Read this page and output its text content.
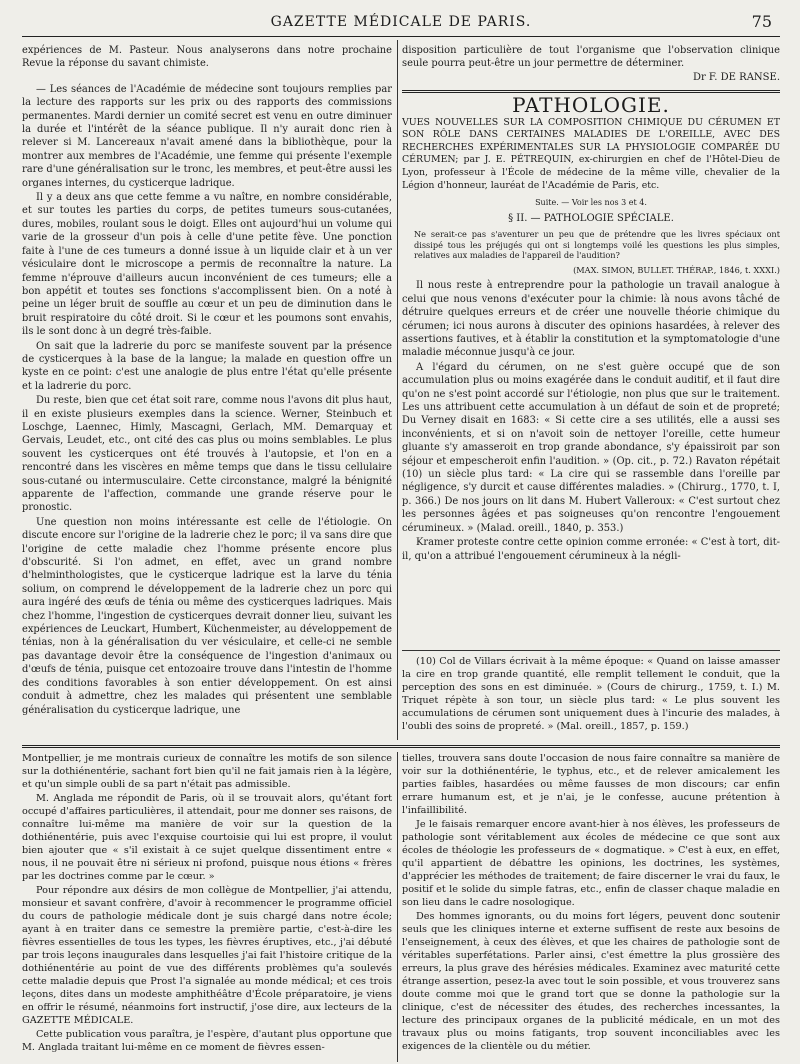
GAZETTE MÉDICALE DE PARIS.	75

expériences de M. Pasteur. Nous analyserons dans notre prochaine Revue la réponse du savant chimiste.

— Les séances de l'Académie de médecine sont toujours remplies par la lecture des rapports sur les prix ou des rapports des commissions permanentes. Mardi dernier un comité secret est venu en outre diminuer la durée et l'intérêt de la séance publique. Il n'y aurait donc rien à relever si M. Lancereaux n'avait amené dans la bibliothèque, pour la montrer aux membres de l'Académie, une femme qui présente l'exemple rare d'une généralisation sur le tronc, les membres, et peut-être aussi les organes internes, du cysticerque ladrique.

Il y a deux ans que cette femme a vu naître, en nombre considérable, et sur toutes les parties du corps, de petites tumeurs sous-cutanées, dures, mobiles, roulant sous le doigt. Elles ont aujourd'hui un volume qui varie de la grosseur d'un pois à celle d'une petite fève. Une ponction faite à l'une de ces tumeurs a donné issue à un liquide clair et à un ver vésiculaire dont le microscope a permis de reconnaître la nature. La femme n'éprouve d'ailleurs aucun inconvénient de ces tumeurs; elle a bon appétit et toutes ses fonctions s'accomplissent bien. On a noté à peine un léger bruit de souffle au cœur et un peu de diminution dans le bruit respiratoire du côté droit. Si le cœur et les poumons sont envahis, ils le sont donc à un degré très-faible.

On sait que la ladrerie du porc se manifeste souvent par la présence de cysticerques à la base de la langue; la malade en question offre un kyste en ce point: c'est une analogie de plus entre l'état qu'elle présente et la ladrerie du porc.

Du reste, bien que cet état soit rare, comme nous l'avons dit plus haut, il en existe plusieurs exemples dans la science. Werner, Steinbuch et Loschge, Laennec, Himly, Mascagni, Gerlach, MM. Demarquay et Gervais, Leudet, etc., ont cité des cas plus ou moins semblables. Le plus souvent les cysticerques ont été trouvés à l'autopsie, et l'on en a rencontré dans les viscères en même temps que dans le tissu cellulaire sous-cutané ou intermusculaire. Cette circonstance, malgré la bénignité apparente de l'affection, commande une grande réserve pour le pronostic.

Une question non moins intéressante est celle de l'étiologie. On discute encore sur l'origine de la ladrerie chez le porc; il va sans dire que l'origine de cette maladie chez l'homme présente encore plus d'obscurité. Si l'on admet, en effet, avec un grand nombre d'helminthologistes, que le cysticerque ladrique est la larve du ténia solium, on comprend le développement de la ladrerie chez un porc qui aura ingéré des œufs de ténia ou même des cysticerques ladriques. Mais chez l'homme, l'ingestion de cysticerques devrait donner lieu, suivant les expériences de Leuckart, Humbert, Küchenmeister, au développement de ténias, non à la généralisation du ver vésiculaire, et celle-ci ne semble pas davantage devoir être la conséquence de l'ingestion d'animaux ou d'œufs de ténia, puisque cet entozoaire trouve dans l'intestin de l'homme des conditions favorables à son entier développement. On est ainsi conduit à admettre, chez les malades qui présentent une semblable généralisation du cysticerque ladrique, une

disposition particulière de tout l'organisme que l'observation clinique seule pourra peut-être un jour permettre de déterminer.

Dr F. DE RANSE.
PATHOLOGIE.
VUES NOUVELLES SUR LA COMPOSITION CHIMIQUE DU CÉRUMEN ET SON RÔLE DANS CERTAINES MALADIES DE L'OREILLE, AVEC DES RECHERCHES EXPÉRIMENTALES SUR LA PHYSIOLOGIE COMPARÉE DU CÉRUMEN; par J. E. PÉTREQUIN, ex-chirurgien en chef de l'Hôtel-Dieu de Lyon, professeur à l'École de médecine de la même ville, chevalier de la Légion d'honneur, lauréat de l'Académie de Paris, etc.
Suite. — Voir les nos 3 et 4.
§ II. — PATHOLOGIE SPÉCIALE.
Ne serait-ce pas s'aventurer un peu que de prétendre que les livres spéciaux ont dissipé tous les préjugés qui ont si longtemps voilé les questions les plus simples, relatives aux maladies de l'appareil de l'audition?
(MAX. SIMON, BULLET. THÉRAP., 1846, t. XXXI.)

Il nous reste à entreprendre pour la pathologie un travail analogue à celui que nous venons d'exécuter pour la chimie: là nous avons tâché de détruire quelques erreurs et de créer une nouvelle théorie chimique du cérumen; ici nous aurons à discuter des opinions hasardées, à relever des assertions fautives, et à établir la constitution et la symptomatologie d'une maladie méconnue jusqu'à ce jour.

A l'égard du cérumen, on ne s'est guère occupé que de son accumulation plus ou moins exagérée dans le conduit auditif, et il faut dire qu'on ne s'est point accordé sur l'étiologie, non plus que sur le traitement. Les uns attribuent cette accumulation à un défaut de soin et de propreté; Du Verney disait en 1683: « Si cette cire a ses utilités, elle a aussi ses inconvénients, et si on n'avoit soin de nettoyer l'oreille, cette humeur gluante s'y amasseroit en trop grande abondance, s'y épaissiroit par son séjour et empescheroit enfin l'audition. » (Op. cit., p. 72.) Ravaton répétait (10) un siècle plus tard: « La cire qui se rassemble dans l'oreille par négligence, s'y durcit et cause différentes maladies. » (Chirurg., 1770, t. I, p. 366.) De nos jours on lit dans M. Hubert Valleroux: « C'est surtout chez les personnes âgées et pas soigneuses qu'on rencontre l'engouement cérumineux. » (Malad. oreill., 1840, p. 353.)

Kramer proteste contre cette opinion comme erronée: « C'est à tort, dit-il, qu'on a attribué l'engouement cérumineux à la négli-

(10) Col de Villars écrivait à la même époque: « Quand on laisse amasser la cire en trop grande quantité, elle remplit tellement le conduit, que la perception des sons en est diminuée. » (Cours de chirurg., 1759, t. I.) M. Triquet répète à son tour, un siècle plus tard: « Le plus souvent les accumulations de cérumen sont uniquement dues à l'incurie des malades, à l'oubli des soins de propreté. » (Mal. oreill., 1857, p. 159.)

Montpellier, je me montrais curieux de connaître les motifs de son silence sur la dothiénentérie, sachant fort bien qu'il ne fait jamais rien à la légère, et qu'un simple oubli de sa part n'était pas admissible.

M. Anglada me répondit de Paris, où il se trouvait alors, qu'étant fort occupé d'affaires particulières, il attendait, pour me donner ses raisons, de connaître lui-même ma manière de voir sur la question de la dothiénentérie, puis avec l'exquise courtoisie qui lui est propre, il voulut bien ajouter que « s'il existait à ce sujet quelque dissentiment entre « nous, il ne pouvait être ni sérieux ni profond, puisque nous étions « frères par les doctrines comme par le cœur. »

Pour répondre aux désirs de mon collègue de Montpellier, j'ai attendu, monsieur et savant confrère, d'avoir à recommencer le programme officiel du cours de pathologie médicale dont je suis chargé dans notre école; ayant à en traiter dans ce semestre la première partie, c'est-à-dire les fièvres essentielles de tous les types, les fièvres éruptives, etc., j'ai débuté par trois leçons inaugurales dans lesquelles j'ai fait l'histoire critique de la dothiénentérie au point de vue des différents problèmes qu'a soulevés cette maladie depuis que Prost l'a signalée au monde médical; et ces trois leçons, dites dans un modeste amphithéâtre d'École préparatoire, je viens en offrir le résumé, néanmoins fort instructif, j'ose dire, aux lecteurs de la GAZETTE MÉDICALE.

Cette publication vous paraîtra, je l'espère, d'autant plus opportune que M. Anglada traitant lui-même en ce moment de fièvres essen-

tielles, trouvera sans doute l'occasion de nous faire connaître sa manière de voir sur la dothiénentérie, le typhus, etc., et de relever amicalement les parties faibles, hasardées ou même fausses de mon discours; car enfin errare humanum est, et je n'ai, je le confesse, aucune prétention à l'infaillibilité.

Je le faisais remarquer encore avant-hier à nos élèves, les professeurs de pathologie sont véritablement aux écoles de médecine ce que sont aux écoles de théologie les professeurs de « dogmatique. » C'est à eux, en effet, qu'il appartient de débattre les opinions, les doctrines, les systèmes, d'apprécier les méthodes de traitement; de faire discerner le vrai du faux, le positif et le solide du simple fatras, etc., enfin de classer chaque maladie en son lieu dans le cadre nosologique.

Des hommes ignorants, ou du moins fort légers, peuvent donc soutenir seuls que les cliniques interne et externe suffisent de reste aux besoins de l'enseignement, à ceux des élèves, et que les chaires de pathologie sont de véritables superfétations. Parler ainsi, c'est émettre la plus grossière des erreurs, la plus grave des hérésies médicales. Examinez avec maturité cette étrange assertion, pesez-la avec tout le soin possible, et vous trouverez sans doute comme moi que le grand tort que se donne la pathologie sur la clinique, c'est de nécessiter des études, des recherches incessantes, la lecture des principaux organes de la publicité médicale, en un mot des travaux plus ou moins fatigants, trop souvent inconciliables avec les exigences de la clientèle ou du métier.
